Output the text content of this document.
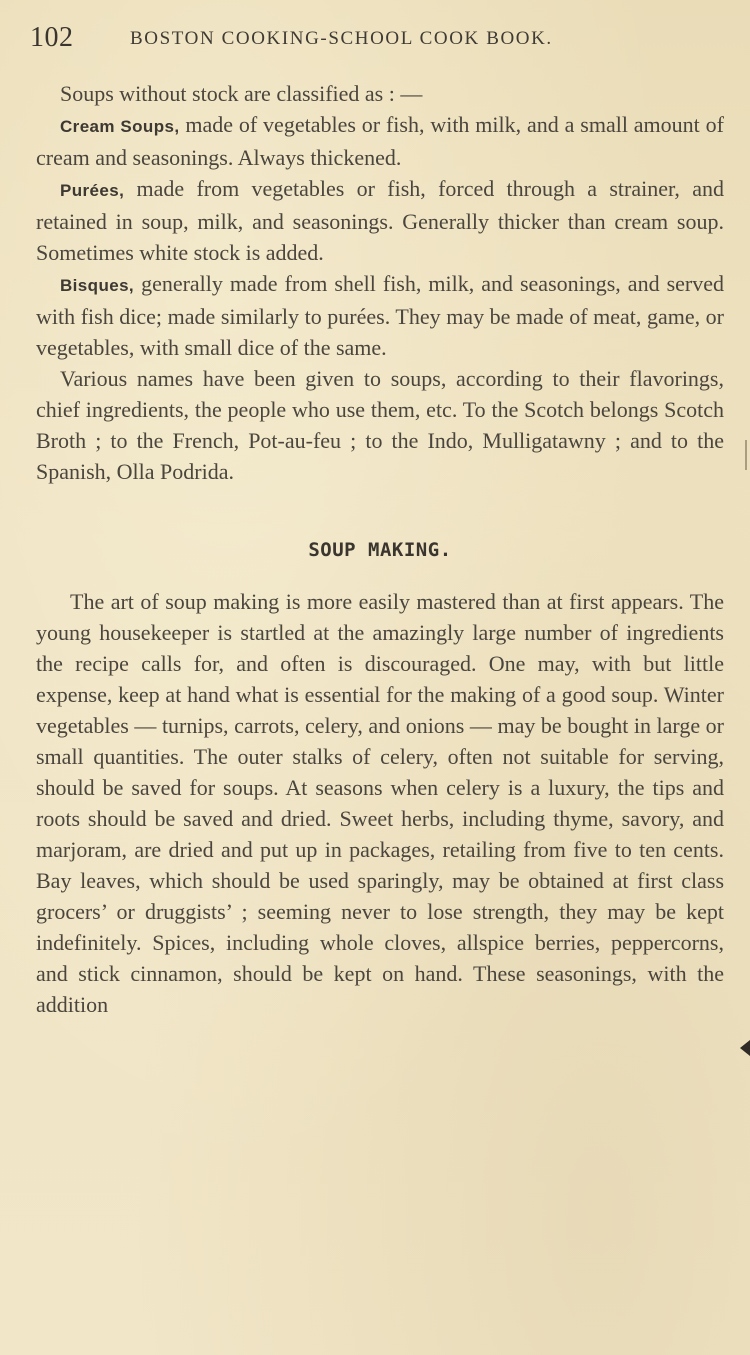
102	BOSTON COOKING-SCHOOL COOK BOOK.

Soups without stock are classified as : —

Cream Soups, made of vegetables or fish, with milk, and a small amount of cream and seasonings. Always thickened.

Purées, made from vegetables or fish, forced through a strainer, and retained in soup, milk, and seasonings. Generally thicker than cream soup. Sometimes white stock is added.

Bisques, generally made from shell fish, milk, and seasonings, and served with fish dice; made similarly to purées. They may be made of meat, game, or vegetables, with small dice of the same.

Various names have been given to soups, according to their flavorings, chief ingredients, the people who use them, etc. To the Scotch belongs Scotch Broth ; to the French, Pot-au-feu ; to the Indo, Mulligatawny ; and to the Spanish, Olla Podrida.

SOUP MAKING.

The art of soup making is more easily mastered than at first appears. The young housekeeper is startled at the amazingly large number of ingredients the recipe calls for, and often is discouraged. One may, with but little expense, keep at hand what is essential for the making of a good soup. Winter vegetables — turnips, carrots, celery, and onions — may be bought in large or small quantities. The outer stalks of celery, often not suitable for serving, should be saved for soups. At seasons when celery is a luxury, the tips and roots should be saved and dried. Sweet herbs, including thyme, savory, and marjoram, are dried and put up in packages, retailing from five to ten cents. Bay leaves, which should be used sparingly, may be obtained at first class grocers’ or druggists’ ; seeming never to lose strength, they may be kept indefinitely. Spices, including whole cloves, allspice berries, peppercorns, and stick cinnamon, should be kept on hand. These seasonings, with the addition
